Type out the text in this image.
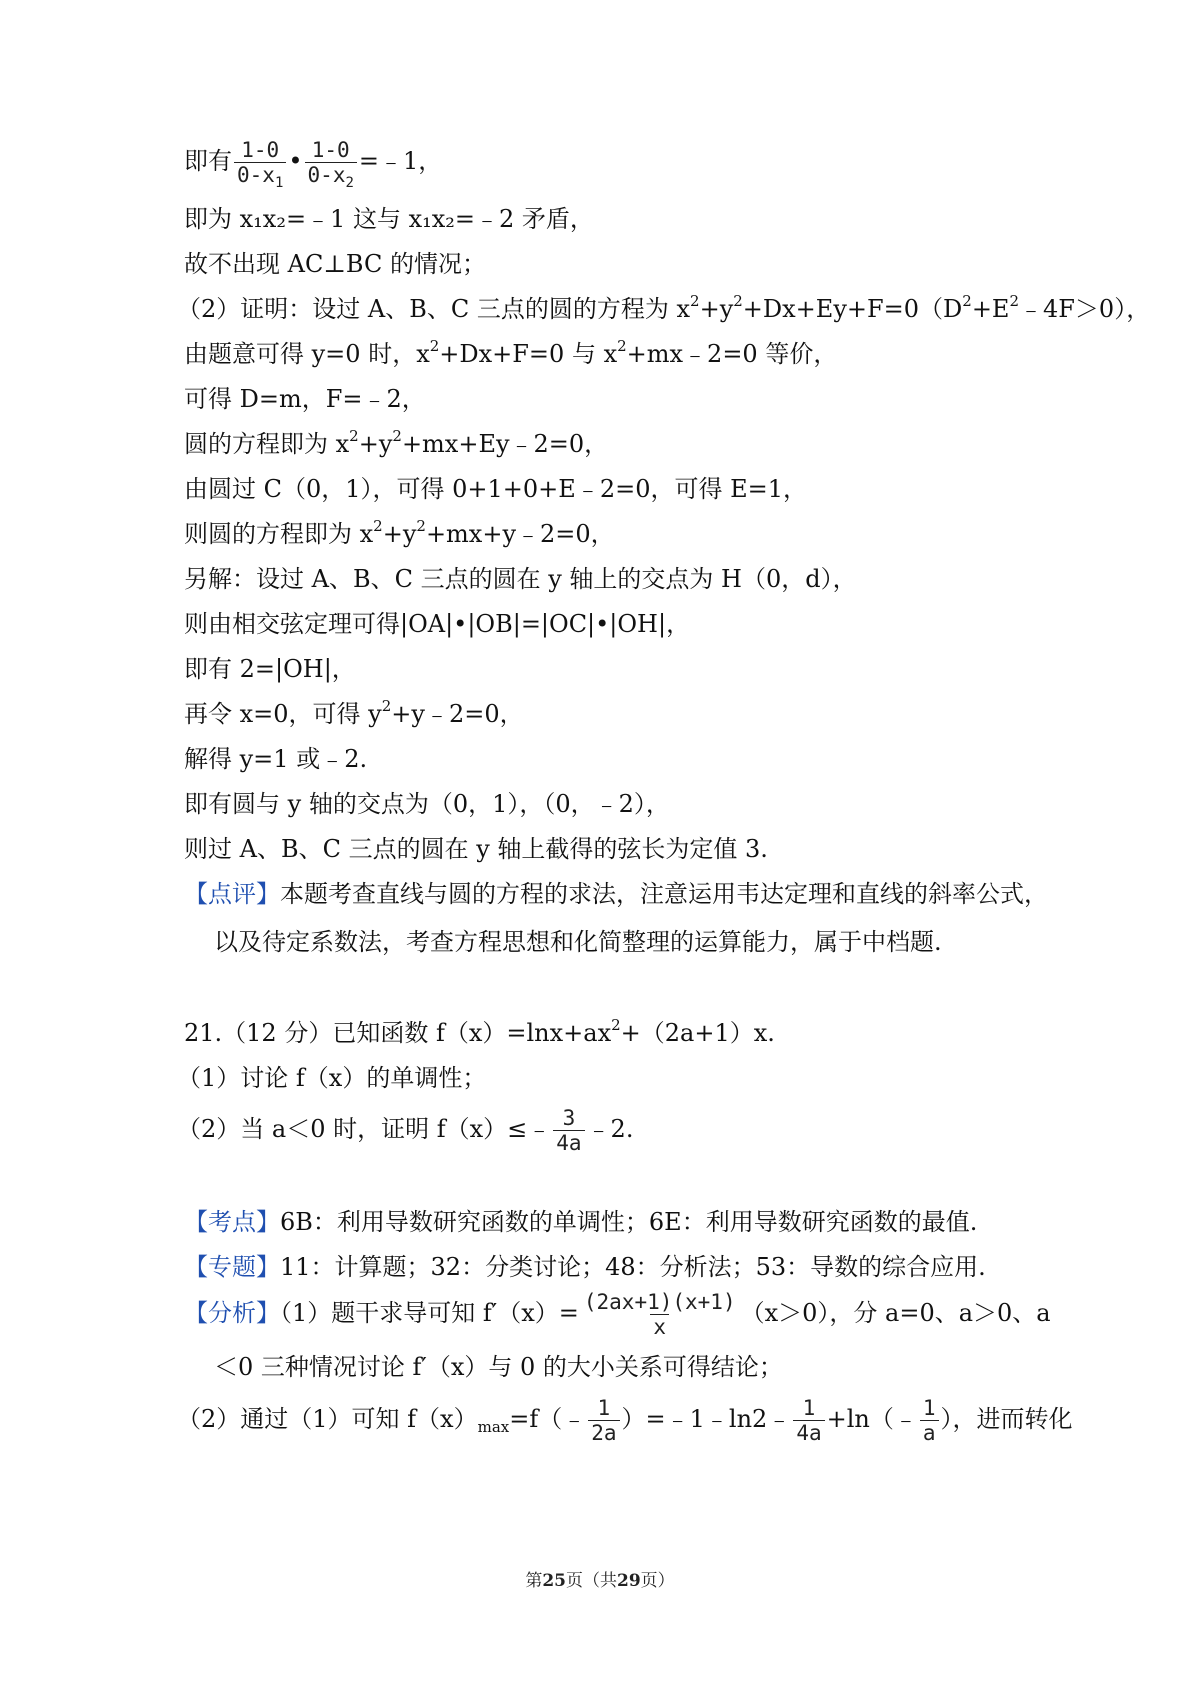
即有 $\frac{1-0}{0-x_1}$ • $\frac{1-0}{0-x_2}$ =﹣1，
即为 x₁x₂=﹣1 这与 x₁x₂=﹣2 矛盾，
故不出现 AC⊥BC 的情况；
（2）证明：设过 A、B、C 三点的圆的方程为 $x^2+y^2+Dx+Ey+F=0(D^2+E^2﹣4F>0)$，
由题意可得 y=0 时，$x^2+Dx+F=0$ 与 $x^2+mx﹣2=0$ 等价，
可得 D=m，F=﹣2，
圆的方程即为 $x^2+y^2+mx+Ey﹣2=0$，
由圆过 C（0，1），可得 0+1+0+E﹣2=0，可得 E=1，
则圆的方程即为 $x^2+y^2+mx+y﹣2=0$，
另解：设过 A、B、C 三点的圆在 y 轴上的交点为 H（0，d），
则由相交弦定理可得|OA|•|OB|=|OC|•|OH|，
即有 2=|OH|，
再令 x=0，可得 $y^2+y﹣2=0$，
解得 y=1 或﹣2.
即有圆与 y 轴的交点为（0，1），（0，﹣2），
则过 A、B、C 三点的圆在 y 轴上截得的弦长为定值 3.
【点评】本题考查直线与圆的方程的求法，注意运用韦达定理和直线的斜率公式，
以及待定系数法，考查方程思想和化简整理的运算能力，属于中档题.
21.（12 分）已知函数 $f(x)=\ln x+ax^2+(2a+1)x$.
（1）讨论 f（x）的单调性；
（2）当 a＜0 时，证明 f（x）≤﹣ $\frac{3}{4a}$ ﹣2.
【考点】6B：利用导数研究函数的单调性；6E：利用导数研究函数的最值.
【专题】11：计算题；32：分类讨论；48：分析法；53：导数的综合应用.
【分析】（1）题干求导可知 $f'(x)= \frac{(2ax+1)(x+1)}{x} (x>0)$，分 a=0、a＞0、a
＜0 三种情况讨论 f′（x）与 0 的大小关系可得结论；
（2）通过（1）可知 $f(x)_{max}=f(﹣ \frac{1}{2a}$ ）=﹣1﹣ln2﹣ $\frac{1}{4a}$ +ln（﹣ $\frac{1}{a}$ ），进而转化
第25页（共29页）
